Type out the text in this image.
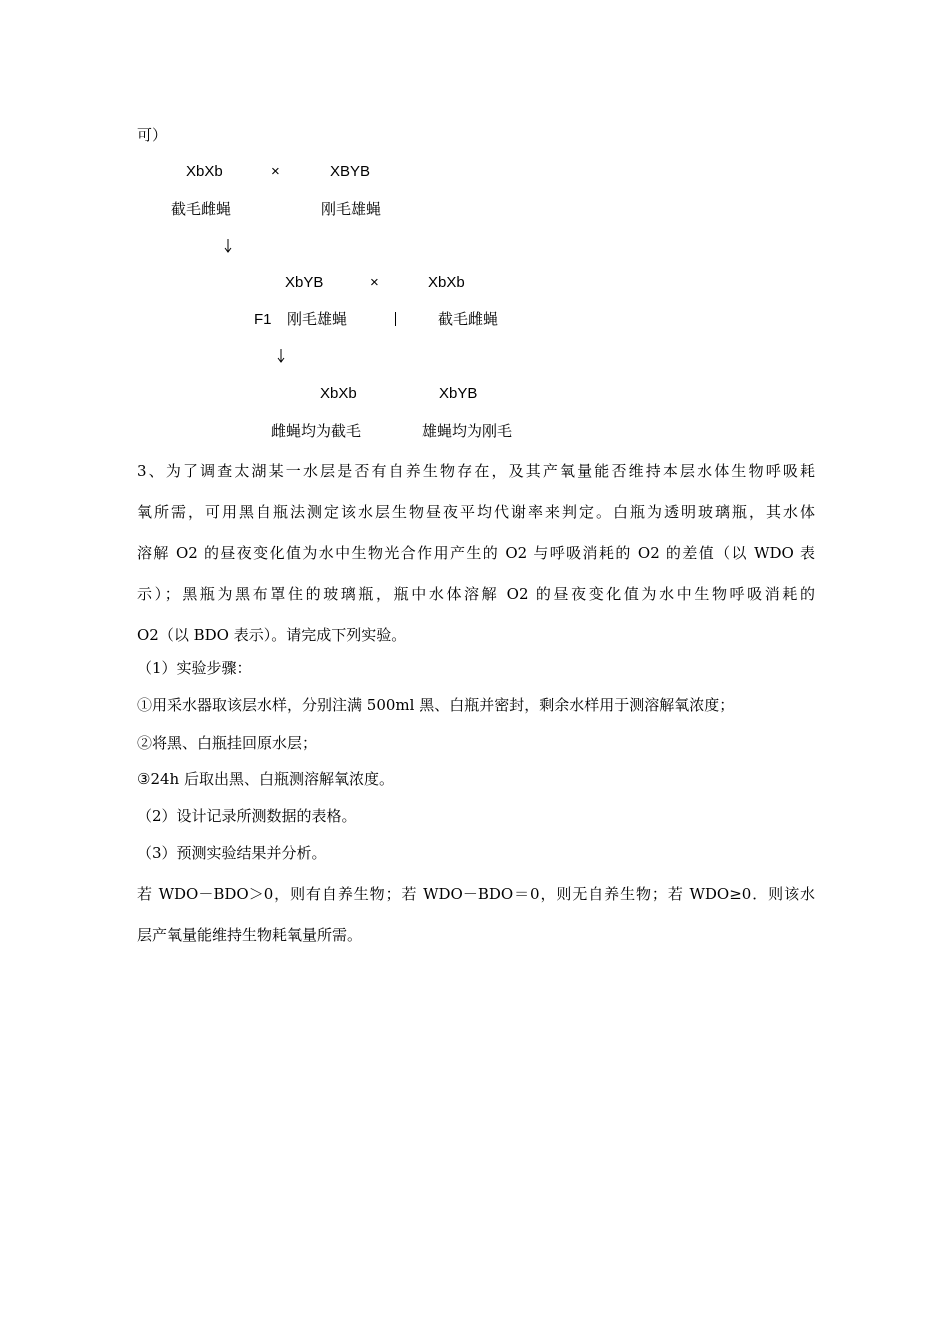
可）
XbXb	×	XBYB
截毛雌蝇	刚毛雄蝇
XbYB	×	XbXb
F1 刚毛雄蝇	截毛雌蝇
XbXb	XbYB
雌蝇均为截毛	雄蝇均为刚毛
3、为了调查太湖某一水层是否有自养生物存在，及其产氧量能否维持本层水体生物呼吸耗
氧所需，可用黑自瓶法测定该水层生物昼夜平均代谢率来判定。白瓶为透明玻璃瓶，其水体
溶解 O2 的昼夜变化值为水中生物光合作用产生的 O2 与呼吸消耗的 O2 的差值（以 WDO 表
示）；黑瓶为黑布罩住的玻璃瓶，瓶中水体溶解 O2 的昼夜变化值为水中生物呼吸消耗的
O2（以 BDO 表示）。请完成下列实验。
（1）实验步骤：
①用采水器取该层水样，分别注满 500ml 黑、白瓶并密封，剩余水样用于测溶解氧浓度；
②将黑、白瓶挂回原水层；
③24h 后取出黑、白瓶测溶解氧浓度。
（2）设计记录所测数据的表格。
（3）预测实验结果并分析。
若 WDO－BDO＞0，则有自养生物；若 WDO－BDO＝0，则无自养生物；若 WDO≥0．则该水
层产氧量能维持生物耗氧量所需。
